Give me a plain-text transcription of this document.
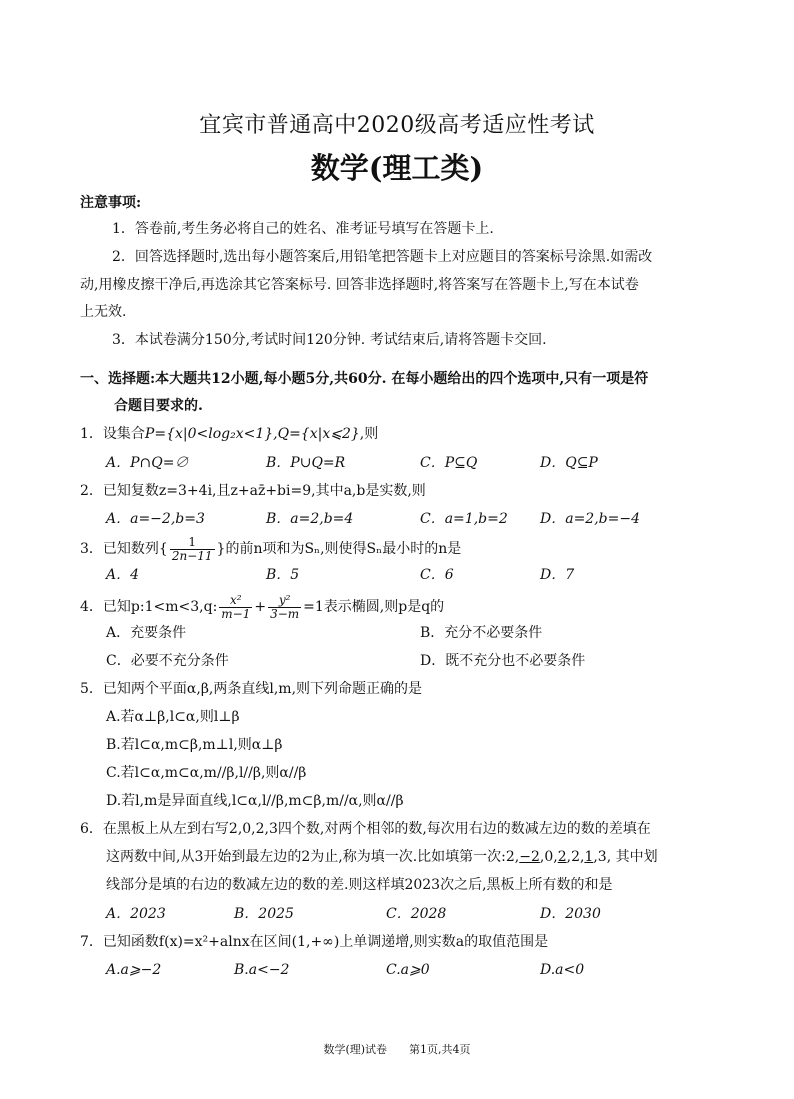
宜宾市普通高中2020级高考适应性考试
数学(理工类)
注意事项:
1．答卷前,考生务必将自己的姓名、准考证号填写在答题卡上.
2．回答选择题时,选出每小题答案后,用铅笔把答题卡上对应题目的答案标号涂黑.如需改
动,用橡皮擦干净后,再选涂其它答案标号. 回答非选择题时,将答案写在答题卡上,写在本试卷
上无效.
3．本试卷满分150分,考试时间120分钟. 考试结束后,请将答题卡交回.
一、选择题:本大题共12小题,每小题5分,共60分. 在每小题给出的四个选项中,只有一项是符
合题目要求的.
1．设集合P={x|0<log₂x<1},Q={x|x⩽2},则
A．P∩Q=∅	B．P∪Q=R	C．P⊆Q	D．Q⊆P
2．已知复数z=3+4i,且z+az̄+bi=9,其中a,b是实数,则
A．a=−2,b=3	B．a=2,b=4	C．a=1,b=2 D．a=2,b=−4
3．已知数列{ $\frac{1}{2n-11}$ }的前n项和为Sₙ,则使得Sₙ最小时的n是
A．4	B．5	C．6	D．7
4．已知p:1<m<3,q: $\frac{\text{x²}}{m-1} + \frac{\text{y²}}{3-m} =1$表示椭圆,则p是q的
A．充要条件	B．充分不必要条件
C．必要不充分条件	D．既不充分也不必要条件
5．已知两个平面α,β,两条直线l,m,则下列命题正确的是
A.若α⊥β,l⊂α,则l⊥β
B.若l⊂α,m⊂β,m⊥l,则α⊥β
C.若l⊂α,m⊂α,m//β,l//β,则α//β
D.若l,m是异面直线,l⊂α,l//β,m⊂β,m//α,则α//β
6．在黑板上从左到右写2,0,2,3四个数,对两个相邻的数,每次用右边的数减左边的数的差填在
这两数中间,从3开始到最左边的2为止,称为填一次.比如填第一次:2,−2,0,2,2,1,3, 其中划
线部分是填的右边的数减左边的数的差.则这样填2023次之后,黑板上所有数的和是
A．2023	B．2025	C．2028	D．2030
7．已知函数f(x)=x²+alnx在区间(1,+∞)上单调递增,则实数a的取值范围是
A.a⩾−2	B.a<−2	C.a⩾0	D.a<0
数学(理)试卷　　第1页,共4页
